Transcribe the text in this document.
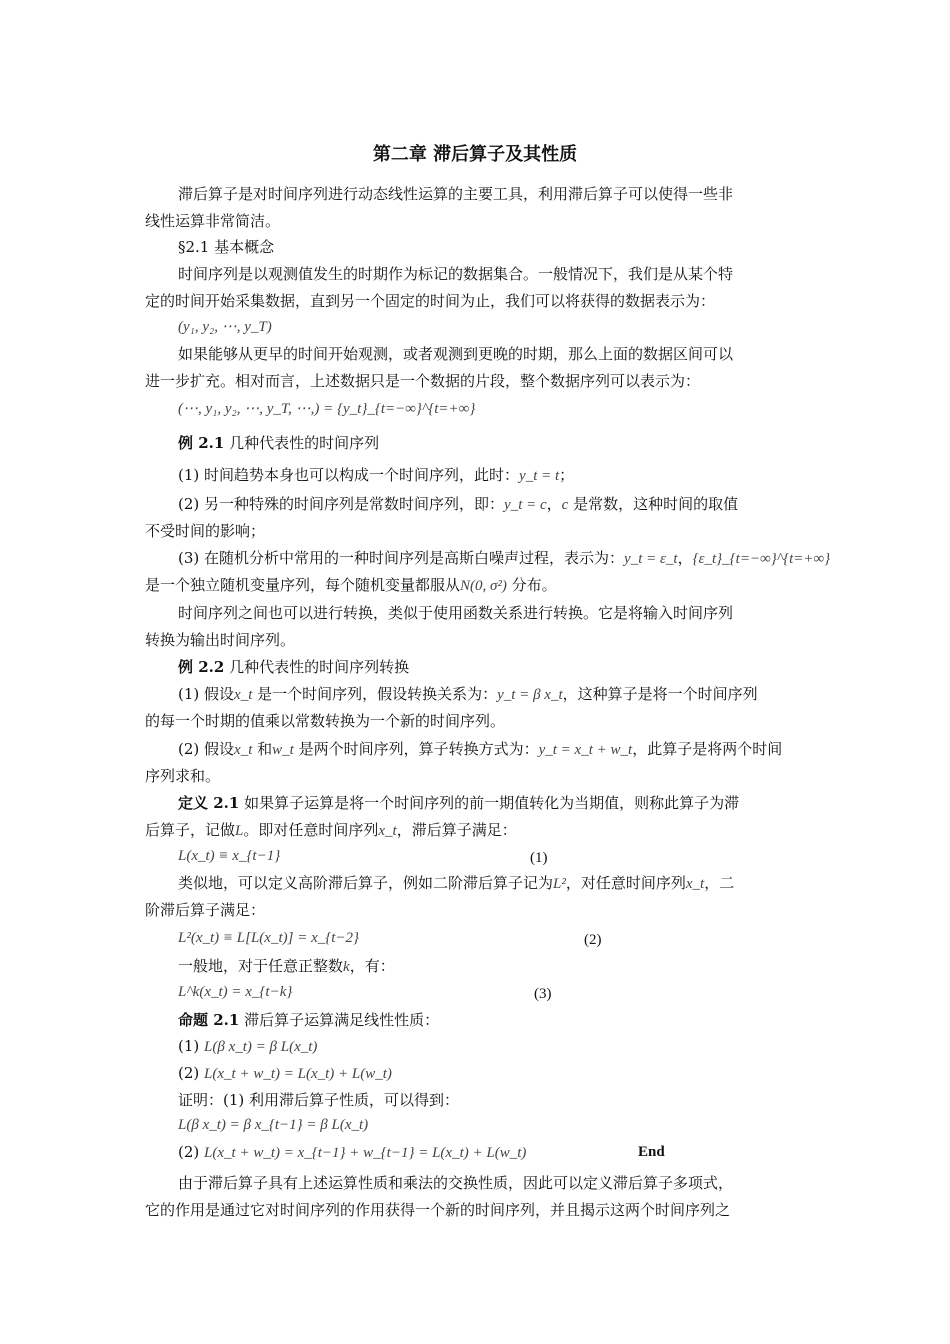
第二章 滞后算子及其性质
滞后算子是对时间序列进行动态线性运算的主要工具，利用滞后算子可以使得一些非
线性运算非常简洁。
§2.1 基本概念
时间序列是以观测值发生的时期作为标记的数据集合。一般情况下，我们是从某个特
定的时间开始采集数据，直到另一个固定的时间为止，我们可以将获得的数据表示为：
(y₁, y₂, ⋯, y_T)
如果能够从更早的时间开始观测，或者观测到更晚的时期，那么上面的数据区间可以
进一步扩充。相对而言，上述数据只是一个数据的片段，整个数据序列可以表示为：
(⋯, y₁, y₂, ⋯, y_T, ⋯,) = {y_t}_{t=−∞}^{t=+∞}
例 2.1 几种代表性的时间序列
(1) 时间趋势本身也可以构成一个时间序列，此时：y_t = t；
(2) 另一种特殊的时间序列是常数时间序列，即：y_t = c，c 是常数，这种时间的取值
不受时间的影响；
(3) 在随机分析中常用的一种时间序列是高斯白噪声过程，表示为：y_t = ε_t，{ε_t}_{t=−∞}^{t=+∞}
是一个独立随机变量序列，每个随机变量都服从N(0, σ²) 分布。
时间序列之间也可以进行转换，类似于使用函数关系进行转换。它是将输入时间序列
转换为输出时间序列。
例 2.2 几种代表性的时间序列转换
(1) 假设x_t 是一个时间序列，假设转换关系为：y_t = β x_t，这种算子是将一个时间序列
的每一个时期的值乘以常数转换为一个新的时间序列。
(2) 假设x_t 和w_t 是两个时间序列，算子转换方式为：y_t = x_t + w_t，此算子是将两个时间
序列求和。
定义 2.1 如果算子运算是将一个时间序列的前一期值转化为当期值，则称此算子为滞
后算子，记做L。即对任意时间序列x_t，滞后算子满足：
L(x_t) ≡ x_{t−1}	(1)
类似地，可以定义高阶滞后算子，例如二阶滞后算子记为L²，对任意时间序列x_t，二
阶滞后算子满足：
L²(x_t) ≡ L[L(x_t)] = x_{t−2}	(2)
一般地，对于任意正整数k，有：
L^k(x_t) = x_{t−k}	(3)
命题 2.1 滞后算子运算满足线性性质：
(1) L(β x_t) = β L(x_t)
(2) L(x_t + w_t) = L(x_t) + L(w_t)
证明：(1) 利用滞后算子性质，可以得到：
L(β x_t) = β x_{t−1} = β L(x_t)
(2) L(x_t + w_t) = x_{t−1} + w_{t−1} = L(x_t) + L(w_t)	End
由于滞后算子具有上述运算性质和乘法的交换性质，因此可以定义滞后算子多项式，
它的作用是通过它对时间序列的作用获得一个新的时间序列，并且揭示这两个时间序列之
